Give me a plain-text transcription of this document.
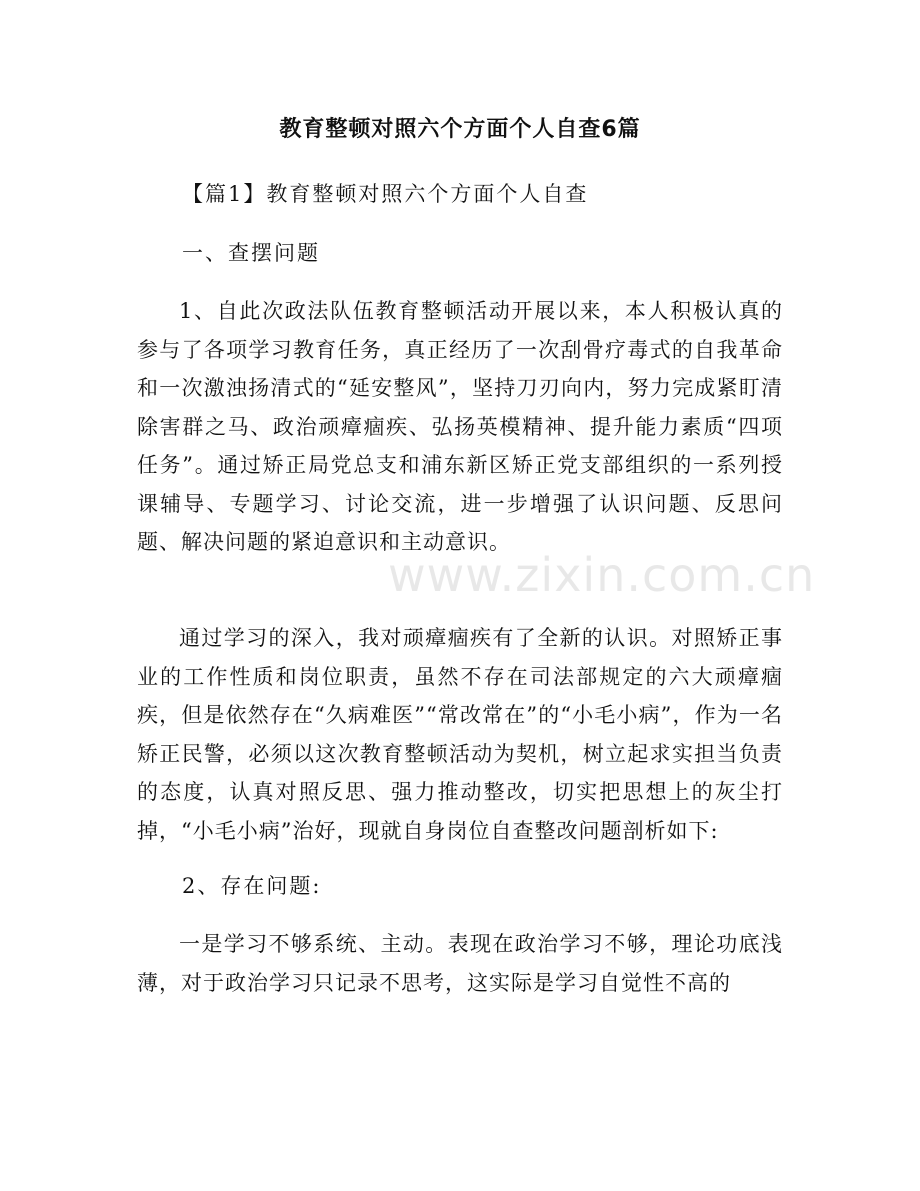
教育整顿对照六个方面个人自查6篇
【篇1】教育整顿对照六个方面个人自查
一、查摆问题

1、自此次政法队伍教育整顿活动开展以来，本人积极认真的参与了各项学习教育任务，真正经历了一次刮骨疗毒式的自我革命和一次激浊扬清式的“延安整风”，坚持刀刃向内，努力完成紧盯清除害群之马、政治顽瘴痼疾、弘扬英模精神、提升能力素质“四项任务”。通过矫正局党总支和浦东新区矫正党支部组织的一系列授课辅导、专题学习、讨论交流，进一步增强了认识问题、反思问题、解决问题的紧迫意识和主动意识。

通过学习的深入，我对顽瘴痼疾有了全新的认识。对照矫正事业的工作性质和岗位职责，虽然不存在司法部规定的六大顽瘴痼疾，但是依然存在“久病难医”“常改常在”的“小毛小病”，作为一名矫正民警，必须以这次教育整顿活动为契机，树立起求实担当负责的态度，认真对照反思、强力推动整改，切实把思想上的灰尘打掉，“小毛小病”治好，现就自身岗位自查整改问题剖析如下:

2、存在问题:

一是学习不够系统、主动。表现在政治学习不够，理论功底浅薄，对于政治学习只记录不思考，这实际是学习自觉性不高的

www.zixin.com.cn
